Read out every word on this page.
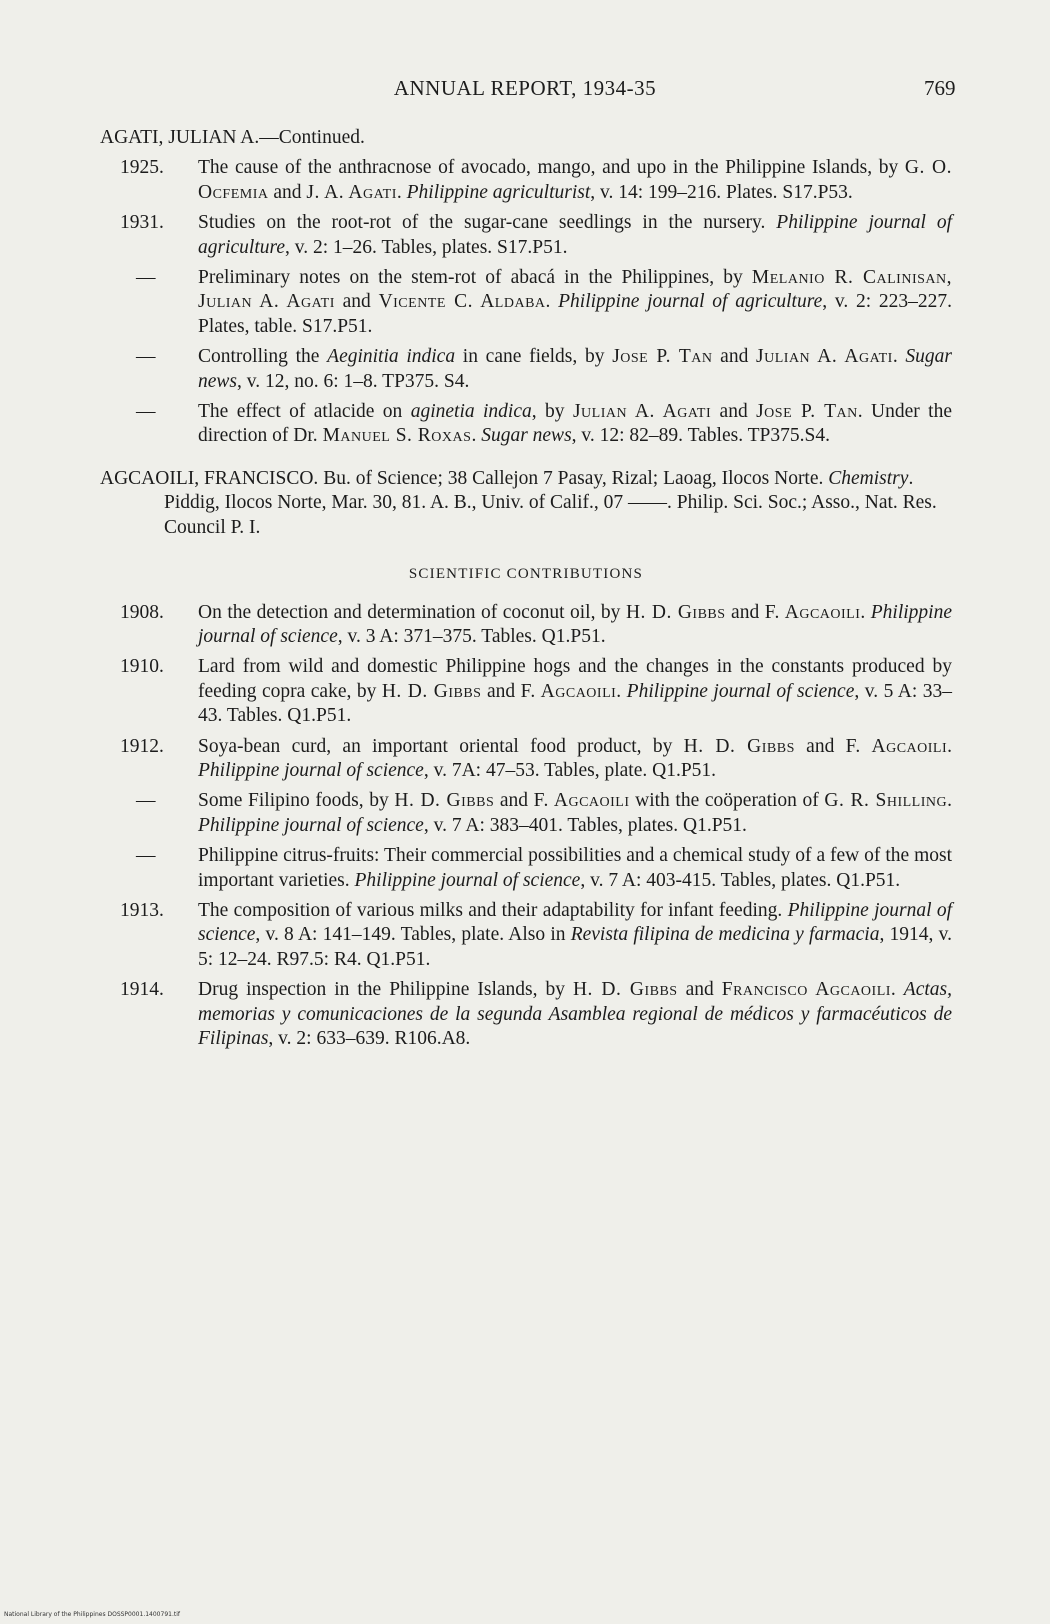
ANNUAL REPORT, 1934-35	769

AGATI, JULIAN A.—Continued.

1925. The cause of the anthracnose of avocado, mango, and upo in the Philippine Islands, by G. O. Ocfemia and J. A. Agati. Philippine agriculturist, v. 14: 199–216. Plates. S17.P53.
1931. Studies on the root-rot of the sugar-cane seedlings in the nursery. Philippine journal of agriculture, v. 2: 1–26. Tables, plates. S17.P51.
— Preliminary notes on the stem-rot of abacá in the Philippines, by Melanio R. Calinisan, Julian A. Agati and Vicente C. Aldaba. Philippine journal of agriculture, v. 2: 223–227. Plates, table. S17.P51.
— Controlling the Aeginitia indica in cane fields, by Jose P. Tan and Julian A. Agati. Sugar news, v. 12, no. 6: 1–8. TP375. S4.
— The effect of atlacide on aginetia indica, by Julian A. Agati and Jose P. Tan. Under the direction of Dr. Manuel S. Roxas. Sugar news, v. 12: 82–89. Tables. TP375.S4.

AGCAOILI, FRANCISCO. Bu. of Science; 38 Callejon 7 Pasay, Rizal; Laoag, Ilocos Norte. Chemistry. Piddig, Ilocos Norte, Mar. 30, 81. A. B., Univ. of Calif., 07 ——. Philip. Sci. Soc.; Asso., Nat. Res. Council P. I.

SCIENTIFIC CONTRIBUTIONS
1908. On the detection and determination of coconut oil, by H. D. Gibbs and F. Agcaoili. Philippine journal of science, v. 3 A: 371–375. Tables. Q1.P51.
1910. Lard from wild and domestic Philippine hogs and the changes in the constants produced by feeding copra cake, by H. D. Gibbs and F. Agcaoili. Philippine journal of science, v. 5 A: 33–43. Tables. Q1.P51.
1912. Soya-bean curd, an important oriental food product, by H. D. Gibbs and F. Agcaoili. Philippine journal of science, v. 7A: 47–53. Tables, plate. Q1.P51.
— Some Filipino foods, by H. D. Gibbs and F. Agcaoili with the coöperation of G. R. Shilling. Philippine journal of science, v. 7 A: 383–401. Tables, plates. Q1.P51.
— Philippine citrus-fruits: Their commercial possibilities and a chemical study of a few of the most important varieties. Philippine journal of science, v. 7 A: 403-415. Tables, plates. Q1.P51.
1913. The composition of various milks and their adaptability for infant feeding. Philippine journal of science, v. 8 A: 141–149. Tables, plate. Also in Revista filipina de medicina y farmacia, 1914, v. 5: 12–24. R97.5: R4. Q1.P51.
1914. Drug inspection in the Philippine Islands, by H. D. Gibbs and Francisco Agcaoili. Actas, memorias y comunicaciones de la segunda Asamblea regional de médicos y farmacéuticos de Filipinas, v. 2: 633–639. R106.A8.
National Library of the Philippines DOSSP0001.1400791.tif
